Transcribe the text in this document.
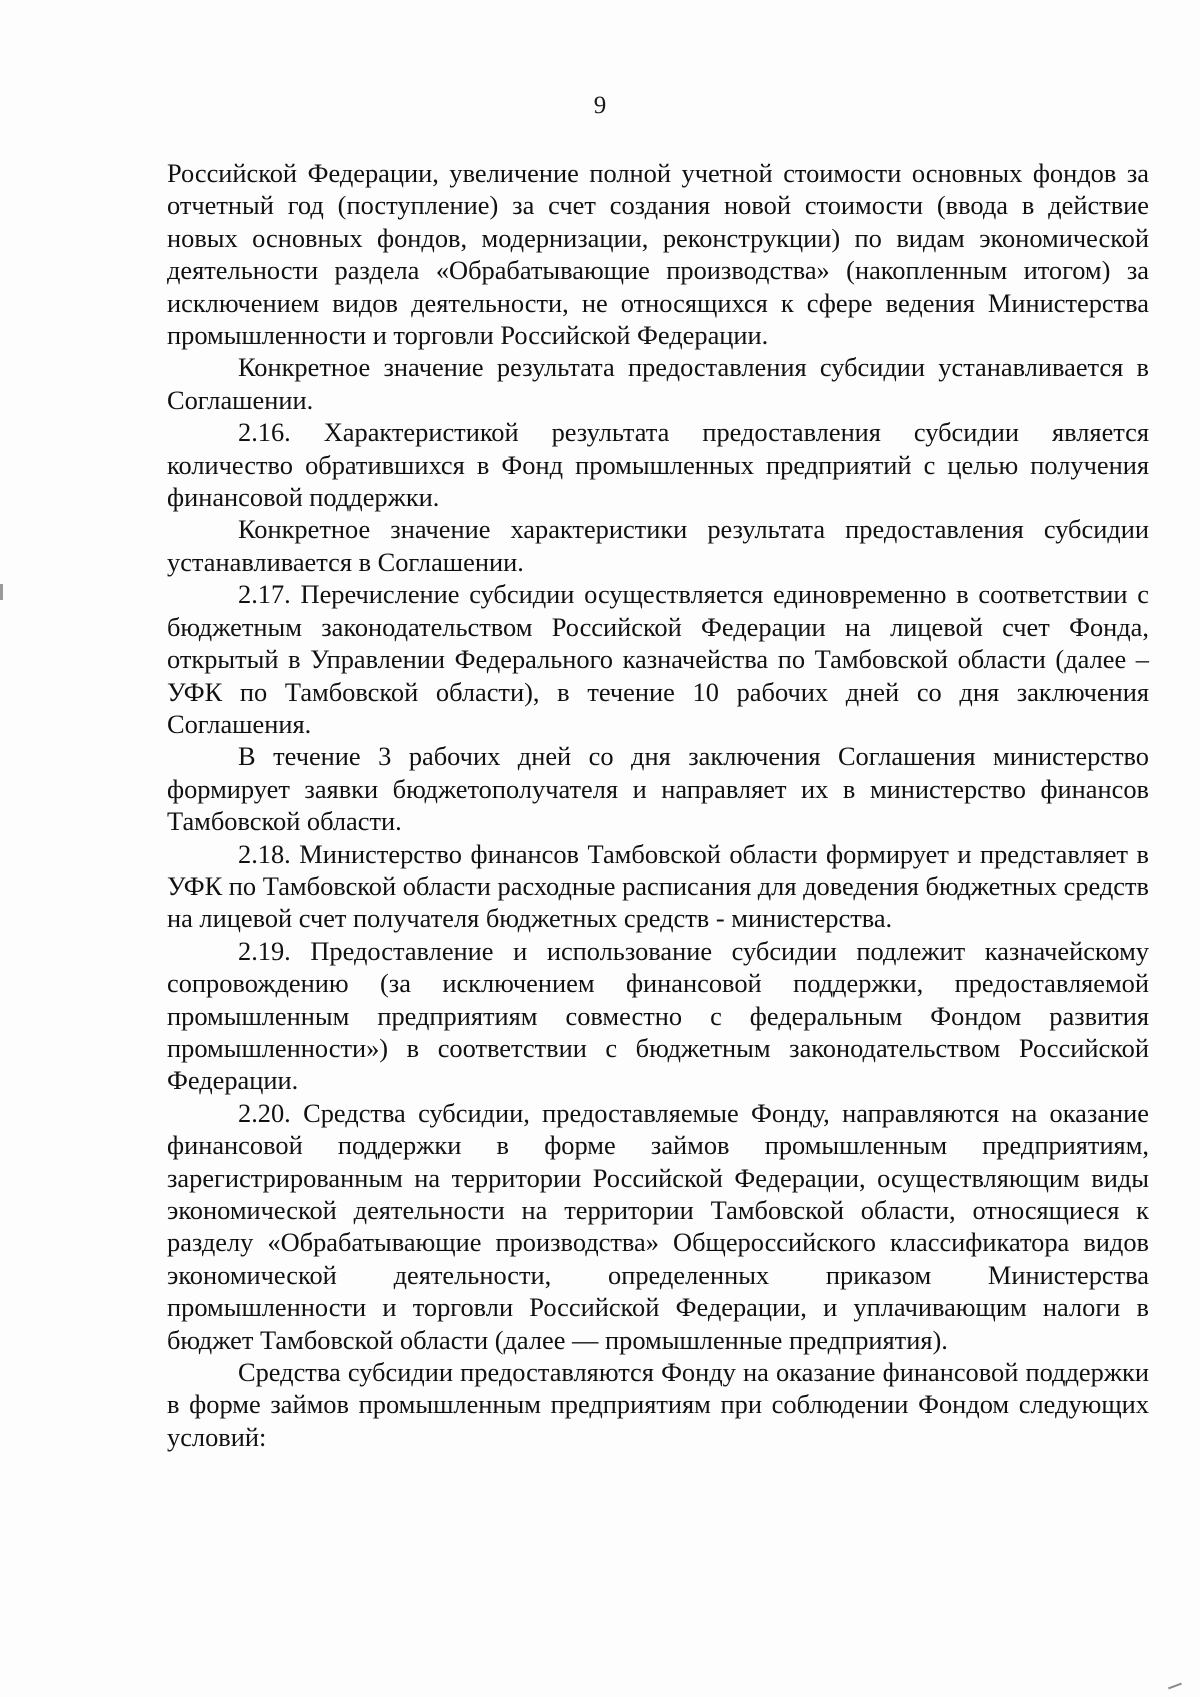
9

Российской Федерации, увеличение полной учетной стоимости основных фондов за отчетный год (поступление) за счет создания новой стоимости (ввода в действие новых основных фондов, модернизации, реконструкции) по видам экономической деятельности раздела «Обрабатывающие производства» (накопленным итогом) за исключением видов деятельности, не относящихся к сфере ведения Министерства промышленности и торговли Российской Федерации.

Конкретное значение результата предоставления субсидии устанавливается в Соглашении.

2.16. Характеристикой результата предоставления субсидии является количество обратившихся в Фонд промышленных предприятий с целью получения финансовой поддержки.

Конкретное значение характеристики результата предоставления субсидии устанавливается в Соглашении.

2.17. Перечисление субсидии осуществляется единовременно в соответствии с бюджетным законодательством Российской Федерации на лицевой счет Фонда, открытый в Управлении Федерального казначейства по Тамбовской области (далее – УФК по Тамбовской области), в течение 10 рабочих дней со дня заключения Соглашения.

В течение 3 рабочих дней со дня заключения Соглашения министерство формирует заявки бюджетополучателя и направляет их в министерство финансов Тамбовской области.

2.18. Министерство финансов Тамбовской области формирует и представляет в УФК по Тамбовской области расходные расписания для доведения бюджетных средств на лицевой счет получателя бюджетных средств - министерства.

2.19. Предоставление и использование субсидии подлежит казначейскому сопровождению (за исключением финансовой поддержки, предоставляемой промышленным предприятиям совместно с федеральным Фондом развития промышленности») в соответствии с бюджетным законодательством Российской Федерации.

2.20. Средства субсидии, предоставляемые Фонду, направляются на оказание финансовой поддержки в форме займов промышленным предприятиям, зарегистрированным на территории Российской Федерации, осуществляющим виды экономической деятельности на территории Тамбовской области, относящиеся к разделу «Обрабатывающие производства» Общероссийского классификатора видов экономической деятельности, определенных приказом Министерства промышленности и торговли Российской Федерации, и уплачивающим налоги в бюджет Тамбовской области (далее — промышленные предприятия).

Средства субсидии предоставляются Фонду на оказание финансовой поддержки в форме займов промышленным предприятиям при соблюдении Фондом следующих условий:
